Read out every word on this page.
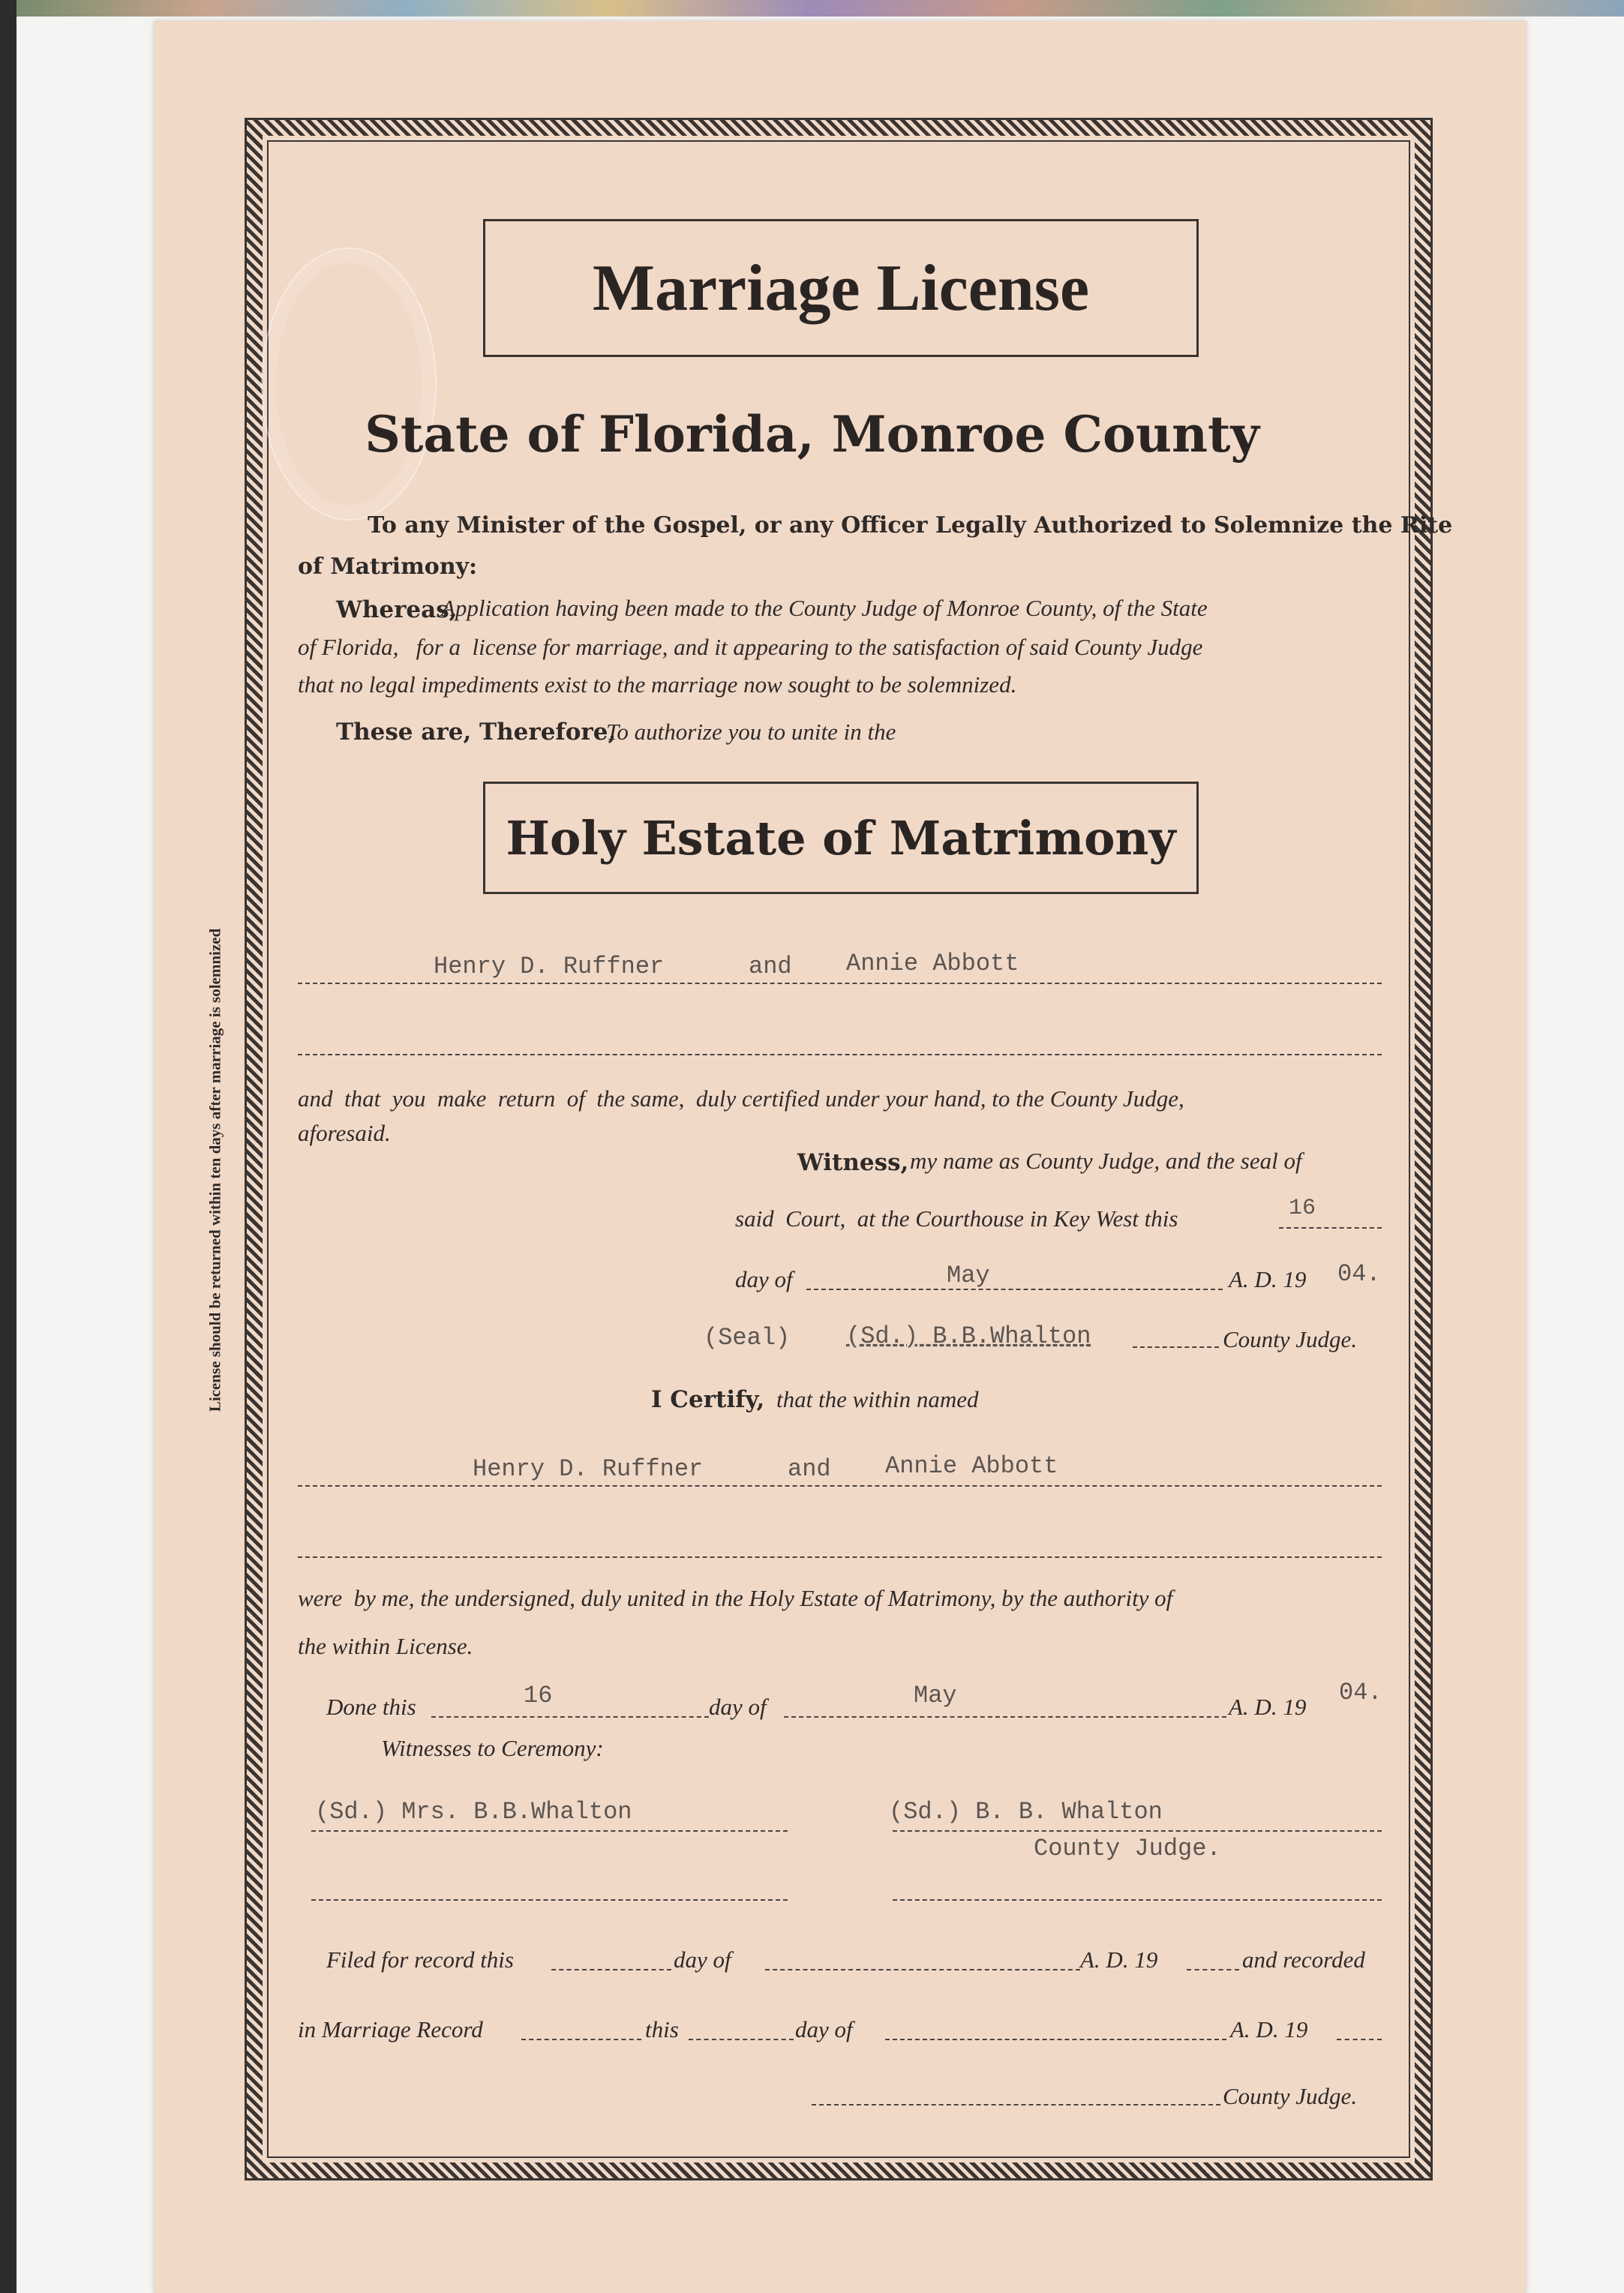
License should be returned within ten days after marriage is solemnized
Marriage License
State of Florida, Monroe County
To any Minister of the Gospel, or any Officer Legally Authorized to Solemnize the Rite
of Matrimony:
Whereas,
Application having been made to the County Judge of Monroe County, of the State
of Florida,   for a  license for marriage, and it appearing to the satisfaction of said County Judge
that no legal impediments exist to the marriage now sought to be solemnized.
These are, Therefore,
To authorize you to unite in the
Holy Estate of Matrimony
Henry D. Ruffner	and Annie Abbott
and  that  you  make  return  of  the same,  duly certified under your hand, to the County Judge,
aforesaid.
Witness, my name as County Judge, and the seal of
said  Court,  at the Courthouse in Key West this	16
day of	May	A. D. 19 04.
(Seal) (Sd.) B.B.Whalton	County Judge.
I Certify, that the within named
Henry D. Ruffner	and Annie Abbott
were  by me, the undersigned, duly united in the Holy Estate of Matrimony, by the authority of
the within License.
Done this	16	day of	May	A. D. 19
04.
Witnesses to Ceremony:
(Sd.) Mrs. B.B.Whalton	(Sd.) B. B. Whalton
County Judge.
Filed for record this	day of	A. D. 19	and recorded
in Marriage Record	this	day of	A. D. 19
County Judge.
